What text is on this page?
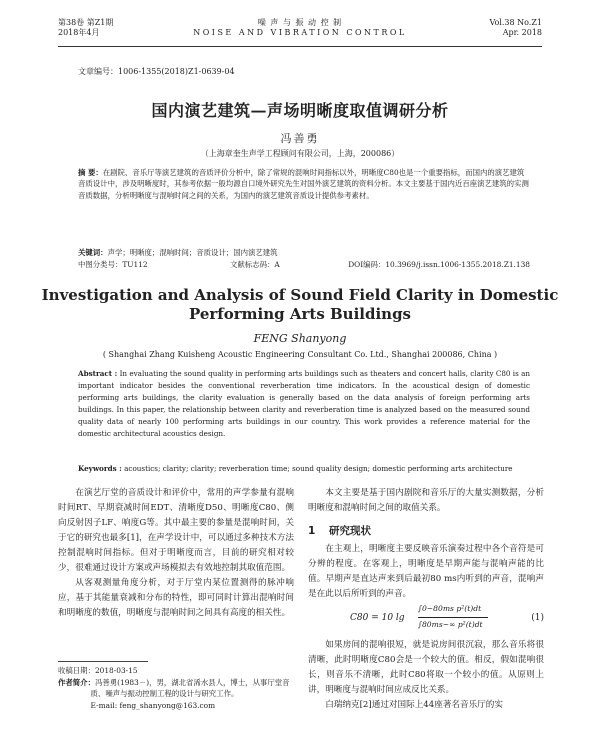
第38卷 第Z1期
2018年4月
噪 声 与 振 动 控 制
NOISE AND VIBRATION CONTROL
Vol.38 No.Z1
Apr. 2018
文章编号：1006-1355(2018)Z1-0639-04
国内演艺建筑—声场明晰度取值调研分析
冯善勇
（上海章奎生声学工程顾问有限公司，上海，200086）
摘 要：在剧院、音乐厅等演艺建筑的音质评价分析中，除了常规的混响时间指标以外，明晰度C80也是一个重要指标，而国内的演艺建筑音质设计中，涉及明晰度时，其参考依据一般均源自口境外研究先生对国外演艺建筑的资料分析。本文主要基于国内近百座演艺建筑的实测音质数据，分析明晰度与混响时间之间的关系，为国内的演艺建筑音质设计提供参考素材。
关键词：声学；明晰度；混响时间；音质设计；国内演艺建筑
中图分类号：TU112	文献标志码：A	DOI编码：10.3969/j.issn.1006-1355.2018.Z1.138
Investigation and Analysis of Sound Field Clarity in Domestic
Performing Arts Buildings
FENG Shanyong
( Shanghai Zhang Kuisheng Acoustic Engineering Consultant Co. Ltd., Shanghai 200086, China )
Abstract : In evaluating the sound quality in performing arts buildings such as theaters and concert halls, clarity C80 is an important indicator besides the conventional reverberation time indicators. In the acoustical design of domestic performing arts buildings, the clarity evaluation is generally based on the data analysis of foreign performing arts buildings. In this paper, the relationship between clarity and reverberation time is analyzed based on the measured sound quality data of nearly 100 performing arts buildings in our country. This work provides a reference material for the domestic architectural acoustics design.
Keywords : acoustics; clarity; clarity; reverberation time; sound quality design; domestic performing arts architecture

在演艺厅堂的音质设计和评价中，常用的声学参量有混响时间RT、早期衰减时间EDT、清晰度D50、明晰度C80、侧向反射因子LF、响度G等。其中最主要的参量是混响时间，关于它的研究也最多[1]，在声学设计中，可以通过多种技术方法控制混响时间指标。但对于明晰度而言，目前的研究相对较少，很难通过设计方案或声场模拟去有效地控制其取值范围。

从客观测量角度分析，对于厅堂内某位置测得的脉冲响应，基于其能量衰减和分布的特性，即可同时计算出混响时间和明晰度的数值，明晰度与混响时间之间具有高度的相关性。

收稿日期：2018-03-15
作者简介：冯善勇(1983－)，男，湖北省浠水县人，博士，从事厅堂音质、噪声与振动控制工程的设计与研究工作。
E-mail: feng_shanyong@163.com

本文主要是基于国内剧院和音乐厅的大量实测数据，分析明晰度和混响时间之间的取值关系。

1 研究现状

在主观上，明晰度主要反映音乐演奏过程中各个音符是可分辨的程度。在客观上，明晰度是早期声能与混响声能的比值。早期声是直达声来到后最初80 ms内听到的声音，混响声是在此以后所听到的声音。

C80 = 10 lg
∫0~80ms p²(t)dt
∫80ms~∞ p²(t)dt
(1)

如果房间的混响很短，就是说房间很沉寂，那么音乐将很清晰，此时明晰度C80会是一个较大的值。相反，假如混响很长，则音乐不清晰，此时C80将取一个较小的值。从原则上讲，明晰度与混响时间应成反比关系。

白瑞纳克[2]通过对国际上44座著名音乐厅的实
